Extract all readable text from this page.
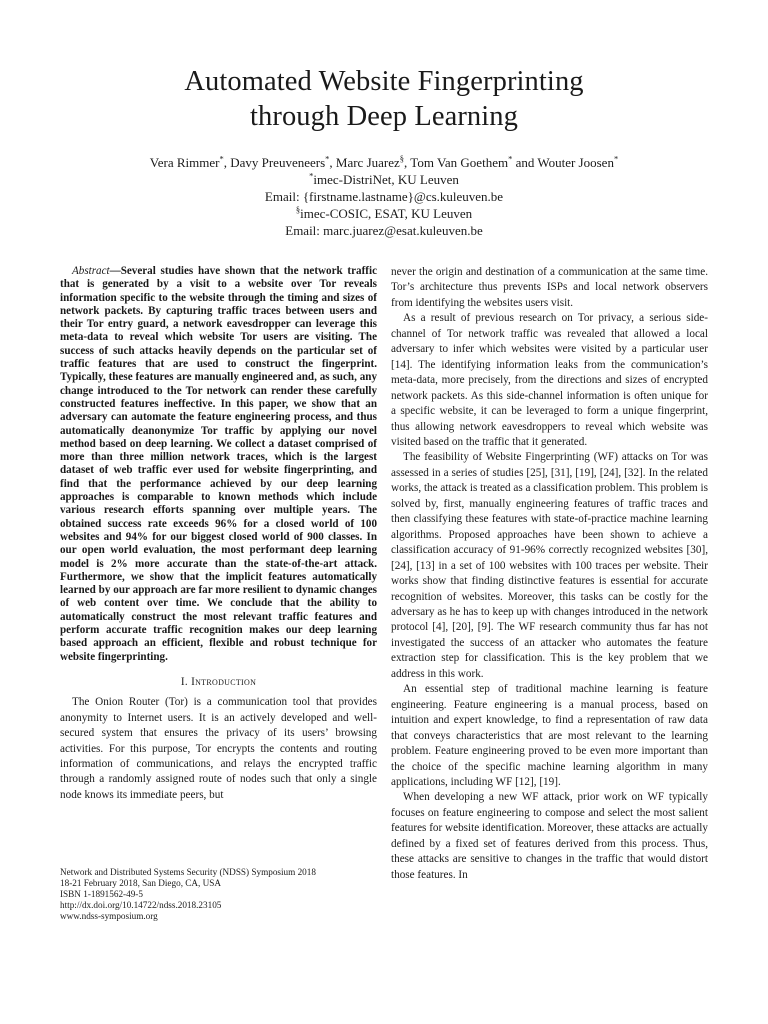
Automated Website Fingerprinting
through Deep Learning
Vera Rimmer*, Davy Preuveneers*, Marc Juarez§, Tom Van Goethem* and Wouter Joosen*
*imec-DistriNet, KU Leuven
Email: {firstname.lastname}@cs.kuleuven.be
§imec-COSIC, ESAT, KU Leuven
Email: marc.juarez@esat.kuleuven.be

Abstract—Several studies have shown that the network traffic that is generated by a visit to a website over Tor reveals information specific to the website through the timing and sizes of network packets. By capturing traffic traces between users and their Tor entry guard, a network eavesdropper can leverage this meta-data to reveal which website Tor users are visiting. The success of such attacks heavily depends on the particular set of traffic features that are used to construct the fingerprint. Typically, these features are manually engineered and, as such, any change introduced to the Tor network can render these carefully constructed features ineffective. In this paper, we show that an adversary can automate the feature engineering process, and thus automatically deanonymize Tor traffic by applying our novel method based on deep learning. We collect a dataset comprised of more than three million network traces, which is the largest dataset of web traffic ever used for website fingerprinting, and find that the performance achieved by our deep learning approaches is comparable to known methods which include various research efforts spanning over multiple years. The obtained success rate exceeds 96% for a closed world of 100 websites and 94% for our biggest closed world of 900 classes. In our open world evaluation, the most performant deep learning model is 2% more accurate than the state-of-the-art attack. Furthermore, we show that the implicit features automatically learned by our approach are far more resilient to dynamic changes of web content over time. We conclude that the ability to automatically construct the most relevant traffic features and perform accurate traffic recognition makes our deep learning based approach an efficient, flexible and robust technique for website fingerprinting.

I. Introduction

The Onion Router (Tor) is a communication tool that provides anonymity to Internet users. It is an actively developed and well-secured system that ensures the privacy of its users’ browsing activities. For this purpose, Tor encrypts the contents and routing information of communications, and relays the encrypted traffic through a randomly assigned route of nodes such that only a single node knows its immediate peers, but

never the origin and destination of a communication at the same time. Tor’s architecture thus prevents ISPs and local network observers from identifying the websites users visit.

As a result of previous research on Tor privacy, a serious side-channel of Tor network traffic was revealed that allowed a local adversary to infer which websites were visited by a particular user [14]. The identifying information leaks from the communication’s meta-data, more precisely, from the directions and sizes of encrypted network packets. As this side-channel information is often unique for a specific website, it can be leveraged to form a unique fingerprint, thus allowing network eavesdroppers to reveal which website was visited based on the traffic that it generated.

The feasibility of Website Fingerprinting (WF) attacks on Tor was assessed in a series of studies [25], [31], [19], [24], [32]. In the related works, the attack is treated as a classification problem. This problem is solved by, first, manually engineering features of traffic traces and then classifying these features with state-of-practice machine learning algorithms. Proposed approaches have been shown to achieve a classification accuracy of 91-96% correctly recognized websites [30], [24], [13] in a set of 100 websites with 100 traces per website. Their works show that finding distinctive features is essential for accurate recognition of websites. Moreover, this tasks can be costly for the adversary as he has to keep up with changes introduced in the network protocol [4], [20], [9]. The WF research community thus far has not investigated the success of an attacker who automates the feature extraction step for classification. This is the key problem that we address in this work.

An essential step of traditional machine learning is feature engineering. Feature engineering is a manual process, based on intuition and expert knowledge, to find a representation of raw data that conveys characteristics that are most relevant to the learning problem. Feature engineering proved to be even more important than the choice of the specific machine learning algorithm in many applications, including WF [12], [19].

When developing a new WF attack, prior work on WF typically focuses on feature engineering to compose and select the most salient features for website identification. Moreover, these attacks are actually defined by a fixed set of features derived from this process. Thus, these attacks are sensitive to changes in the traffic that would distort those features. In

Network and Distributed Systems Security (NDSS) Symposium 2018
18-21 February 2018, San Diego, CA, USA
ISBN 1-1891562-49-5
http://dx.doi.org/10.14722/ndss.2018.23105
www.ndss-symposium.org
